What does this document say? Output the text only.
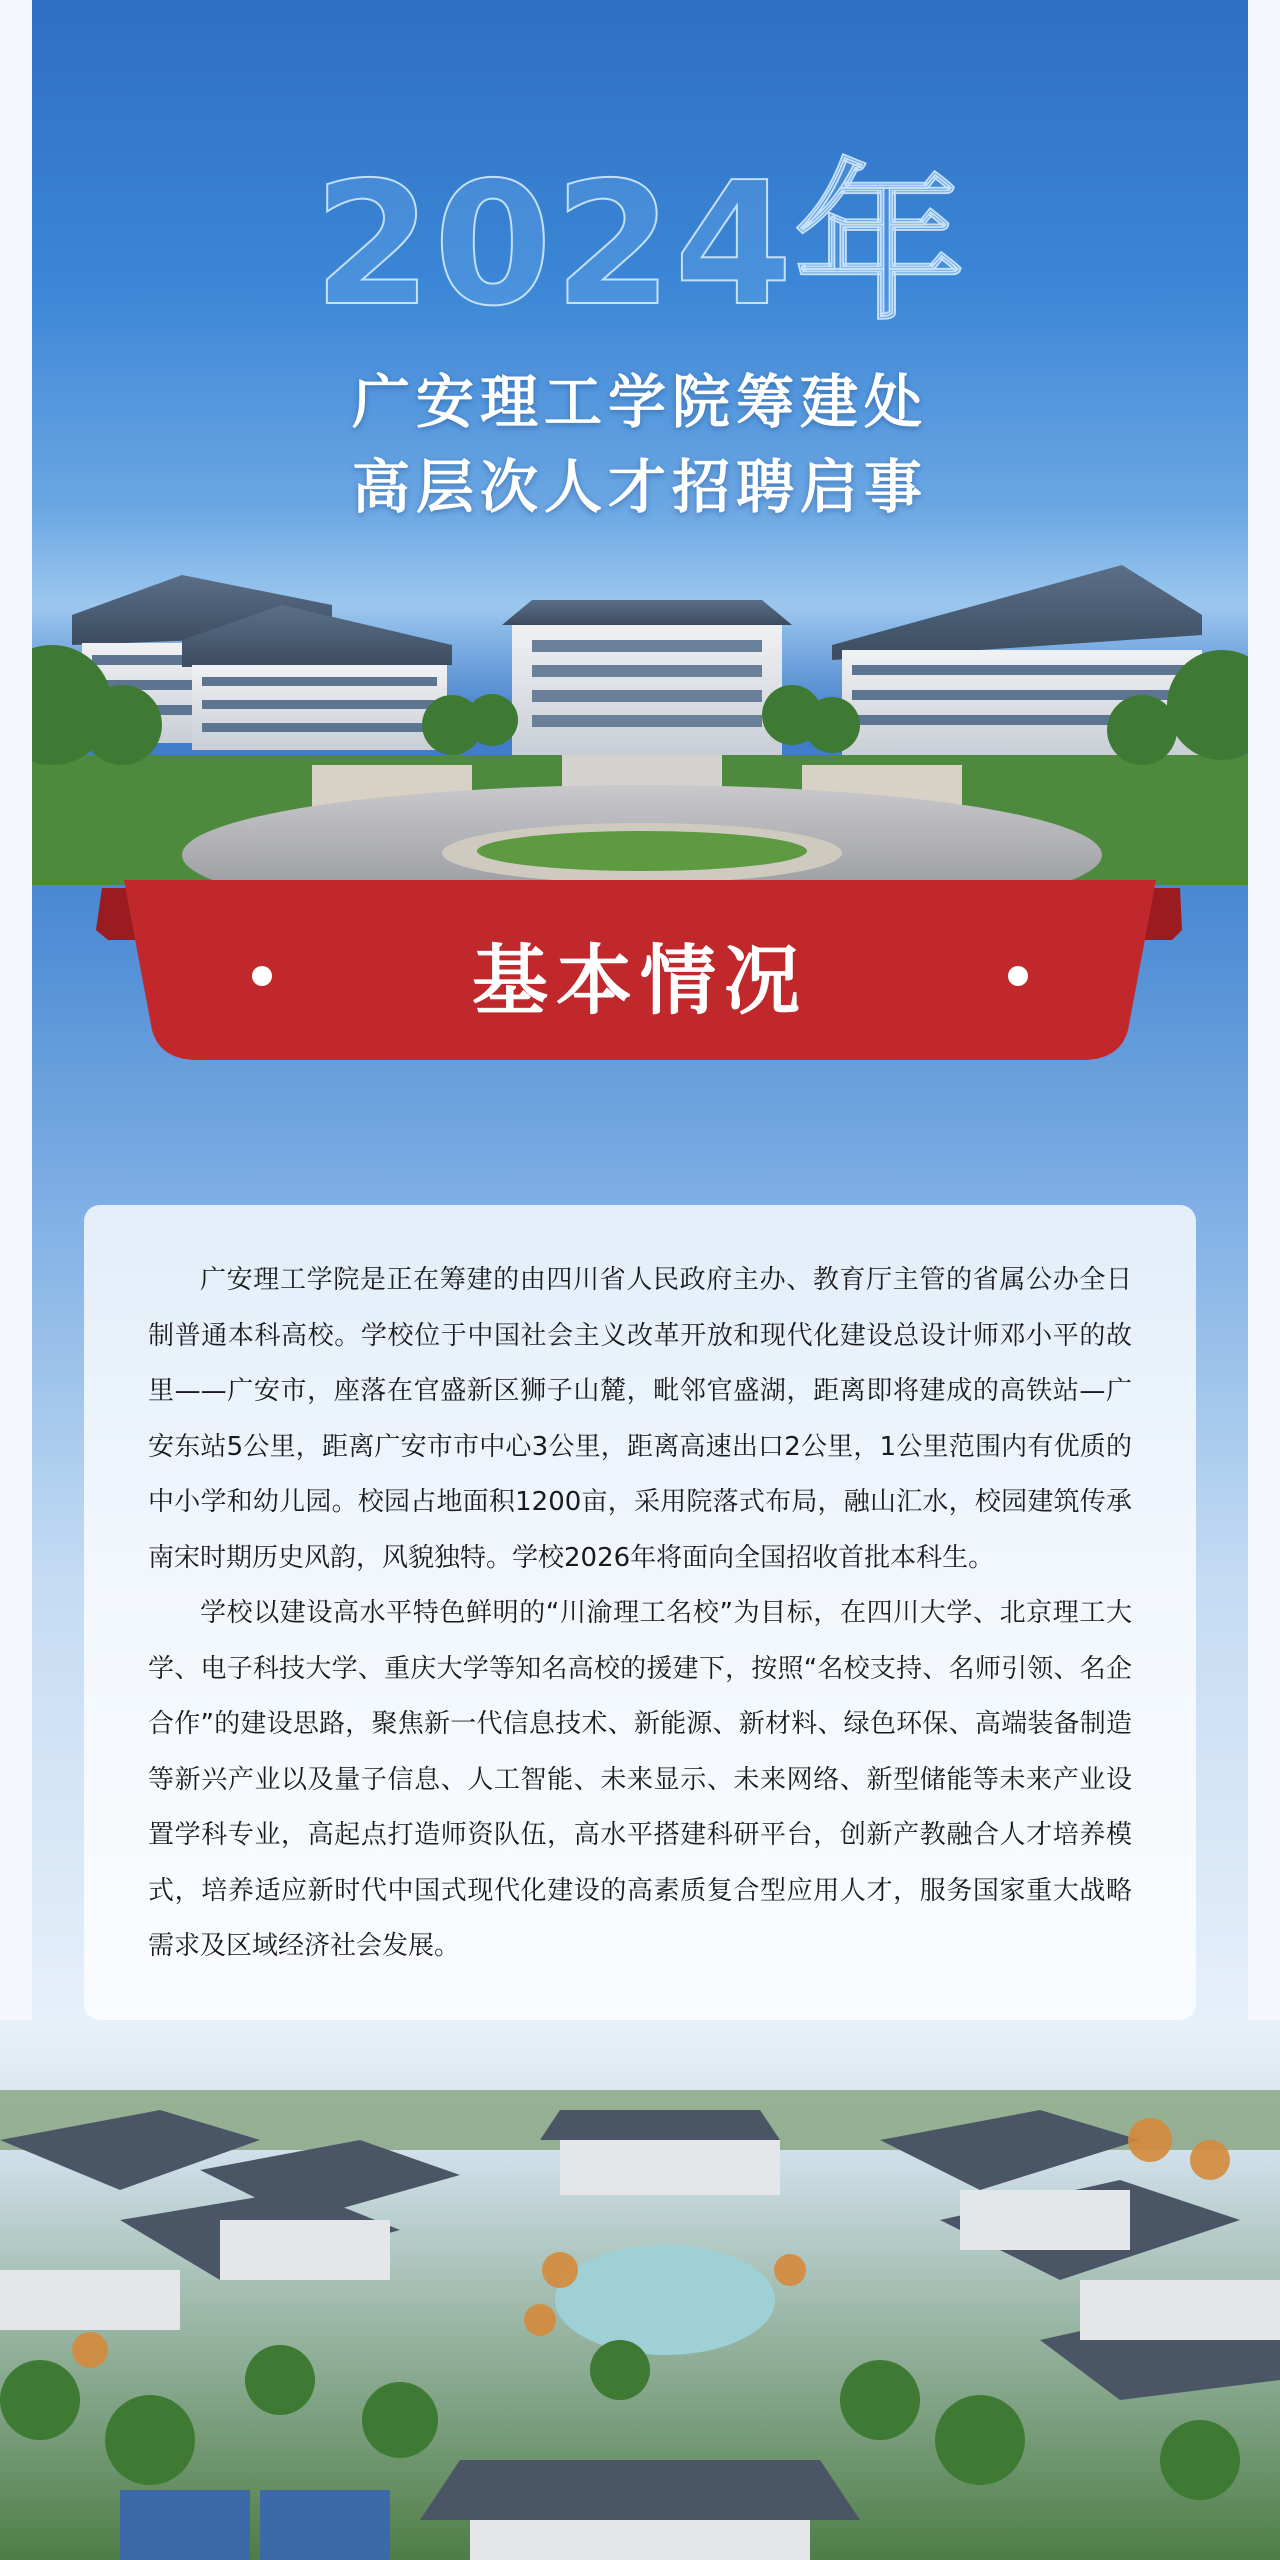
2024年
广安理工学院筹建处
高层次人才招聘启事
基本情况

广安理工学院是正在筹建的由四川省人民政府主办、教育厅主管的省属公办全日制普通本科高校。学校位于中国社会主义改革开放和现代化建设总设计师邓小平的故里——广安市，座落在官盛新区狮子山麓，毗邻官盛湖，距离即将建成的高铁站—广安东站5公里，距离广安市市中心3公里，距离高速出口2公里，1公里范围内有优质的中小学和幼儿园。校园占地面积1200亩，采用院落式布局，融山汇水，校园建筑传承南宋时期历史风韵，风貌独特。学校2026年将面向全国招收首批本科生。

学校以建设高水平特色鲜明的“川渝理工名校”为目标，在四川大学、北京理工大学、电子科技大学、重庆大学等知名高校的援建下，按照“名校支持、名师引领、名企合作”的建设思路，聚焦新一代信息技术、新能源、新材料、绿色环保、高端装备制造等新兴产业以及量子信息、人工智能、未来显示、未来网络、新型储能等未来产业设置学科专业，高起点打造师资队伍，高水平搭建科研平台，创新产教融合人才培养模式，培养适应新时代中国式现代化建设的高素质复合型应用人才，服务国家重大战略需求及区域经济社会发展。
